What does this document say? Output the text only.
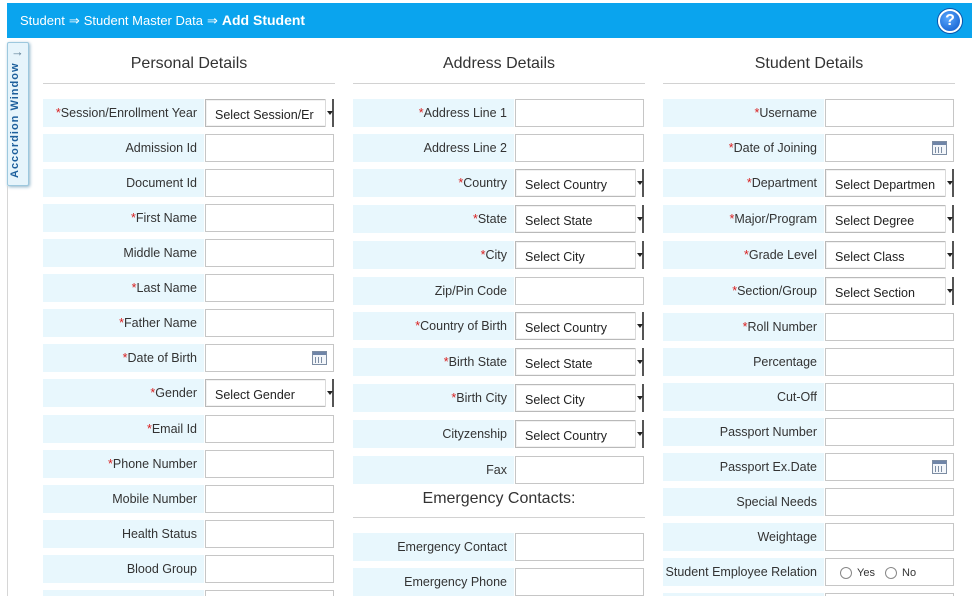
Student ⇒ Student Master Data ⇒ Add Student	?
→
Accordion Window	Personal Details
*Session/Enrollment Year	Select Session/Er
Admission Id
Document Id
*First Name
Middle Name
*Last Name
*Father Name
*Date of Birth
*Gender	Select Gender
*Email Id
*Phone Number
Mobile Number
Health Status
Blood Group
Address Details
*Address Line 1
Address Line 2
*Country	Select Country
*State	Select State
*City	Select City
Zip/Pin Code
*Country of Birth	Select Country
*Birth State	Select State
*Birth City	Select City
Cityzenship	Select Country
Fax
Emergency Contacts:
Emergency Contact
Emergency Phone
Student Details
*Username
*Date of Joining
*Department	Select Departmen
*Major/Program	Select Degree
*Grade Level	Select Class
*Section/Group	Select Section
*Roll Number
Percentage
Cut-Off
Passport Number
Passport Ex.Date
Special Needs
Weightage
Student Employee Relation	Yes No
